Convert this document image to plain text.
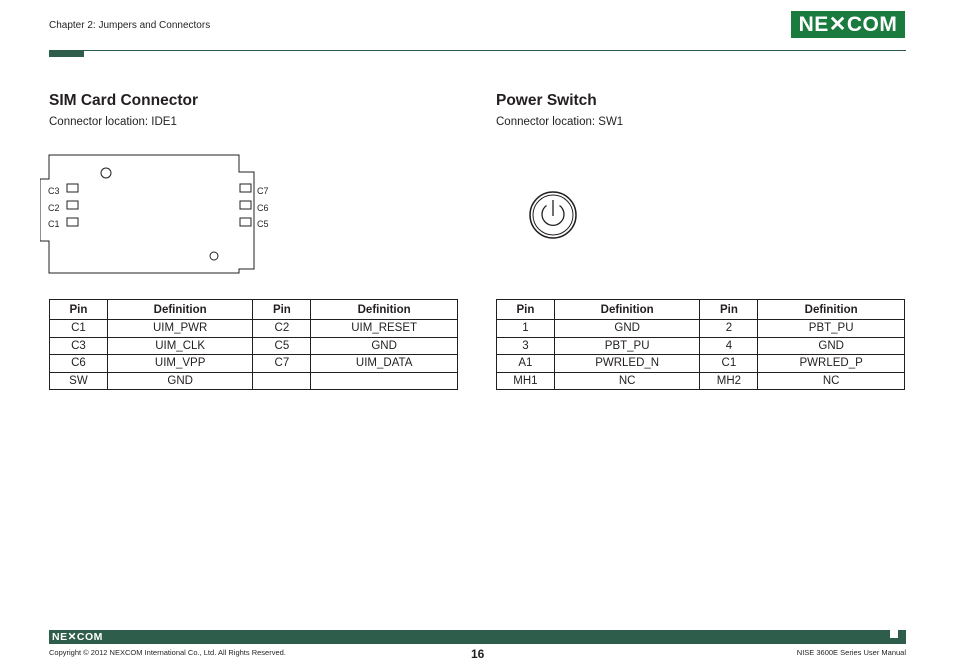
Chapter 2: Jumpers and Connectors	NE✕COM
SIM Card Connector
Connector location: IDE1
C3
C2
C1
C7
C6
C5
Pin	Definition	Pin	Definition
C1	UIM_PWR	C2	UIM_RESET
C3	UIM_CLK	C5	GND
C6	UIM_VPP	C7	UIM_DATA
SW	GND		
Power Switch
Connector location: SW1
Pin	Definition	Pin	Definition
1	GND	2	PBT_PU
3	PBT_PU	4	GND
A1	PWRLED_N	C1	PWRLED_P
MH1	NC	MH2	NC
NE✕COM
Copyright © 2012 NEXCOM International Co., Ltd. All Rights Reserved.	16	NISE 3600E Series User Manual
